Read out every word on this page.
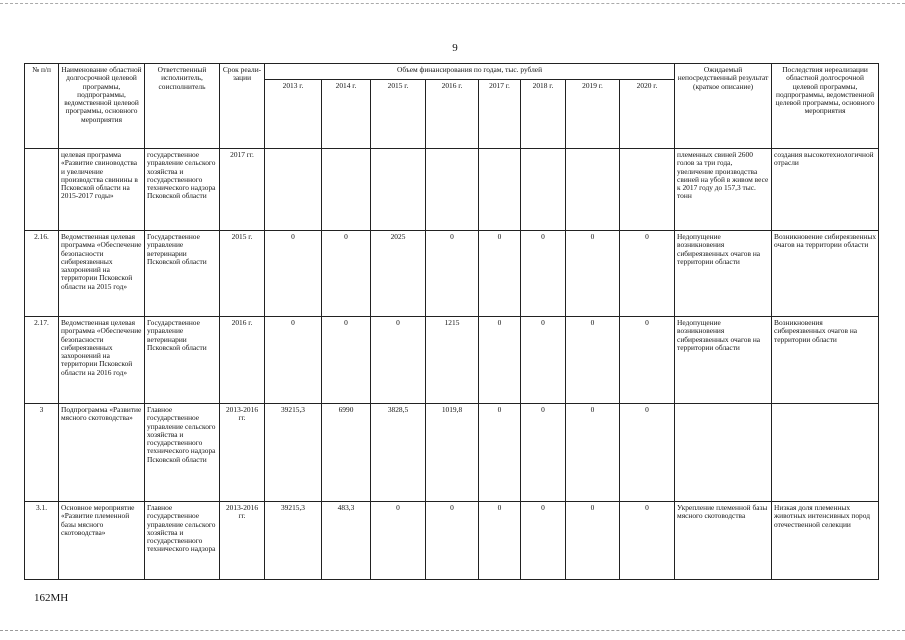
9
№ п/п	Наименование областной долгосрочной целевой программы, подпрограммы, ведомственной целевой программы, основного мероприятия	Ответственный исполнитель, соисполнитель	Срок реали-зации	Объем финансирования по годам, тыс. рублей								Ожидаемый непосредственный результат (краткое описание)	Последствия нереализации областной долгосрочной целевой программы, подпрограммы, ведомственной целевой программы, основного мероприятия
				2013 г.	2014 г.	2015 г.	2016 г.	2017 г.	2018 г.	2019 г.	2020 г.		
	целевая программа «Развитие свиноводства и увеличение производства свинины в Псковской области на 2015-2017 годы»	государственное управление сельского хозяйства и государственного технического надзора Псковской области	2017 гг.									племенных свиней 2600 голов за три года, увеличение производства свиней на убой в живом весе к 2017 году до 157,3 тыс. тонн	создания высокотехнологичной отрасли
2.16.	Ведомственная целевая программа «Обеспечение безопасности сибиреязвенных захоронений на территории Псковской области на 2015 год»	Государственное управление ветеринарии Псковской области	2015 г.	0	0	2025	0	0	0	0	0	Недопущение возникновения сибиреязвенных очагов на территории области	Возникновение сибиреязвенных очагов на территории области
2.17.	Ведомственная целевая программа «Обеспечение безопасности сибиреязвенных захоронений на территории Псковской области на 2016 год»	Государственное управление ветеринарии Псковской области	2016 г.	0	0	0	1215	0	0	0	0	Недопущение возникновения сибиреязвенных очагов на территории области	Возникновения сибиреязвенных очагов на территории области
3	Подпрограмма «Развитие мясного скотоводства»	Главное государственное управление сельского хозяйства и государственного технического надзора Псковской области	2013-2016 гг.	39215,3	6990	3828,5	1019,8	0	0	0	0		
3.1.	Основное мероприятие «Развитие племенной базы мясного скотоводства»	Главное государственное управление сельского хозяйства и государственного технического надзора	2013-2016 гг.	39215,3	483,3	0	0	0	0	0	0	Укрепление племенной базы мясного скотоводства	Низкая доля племенных животных интенсивных пород отечественной селекции
162МН
